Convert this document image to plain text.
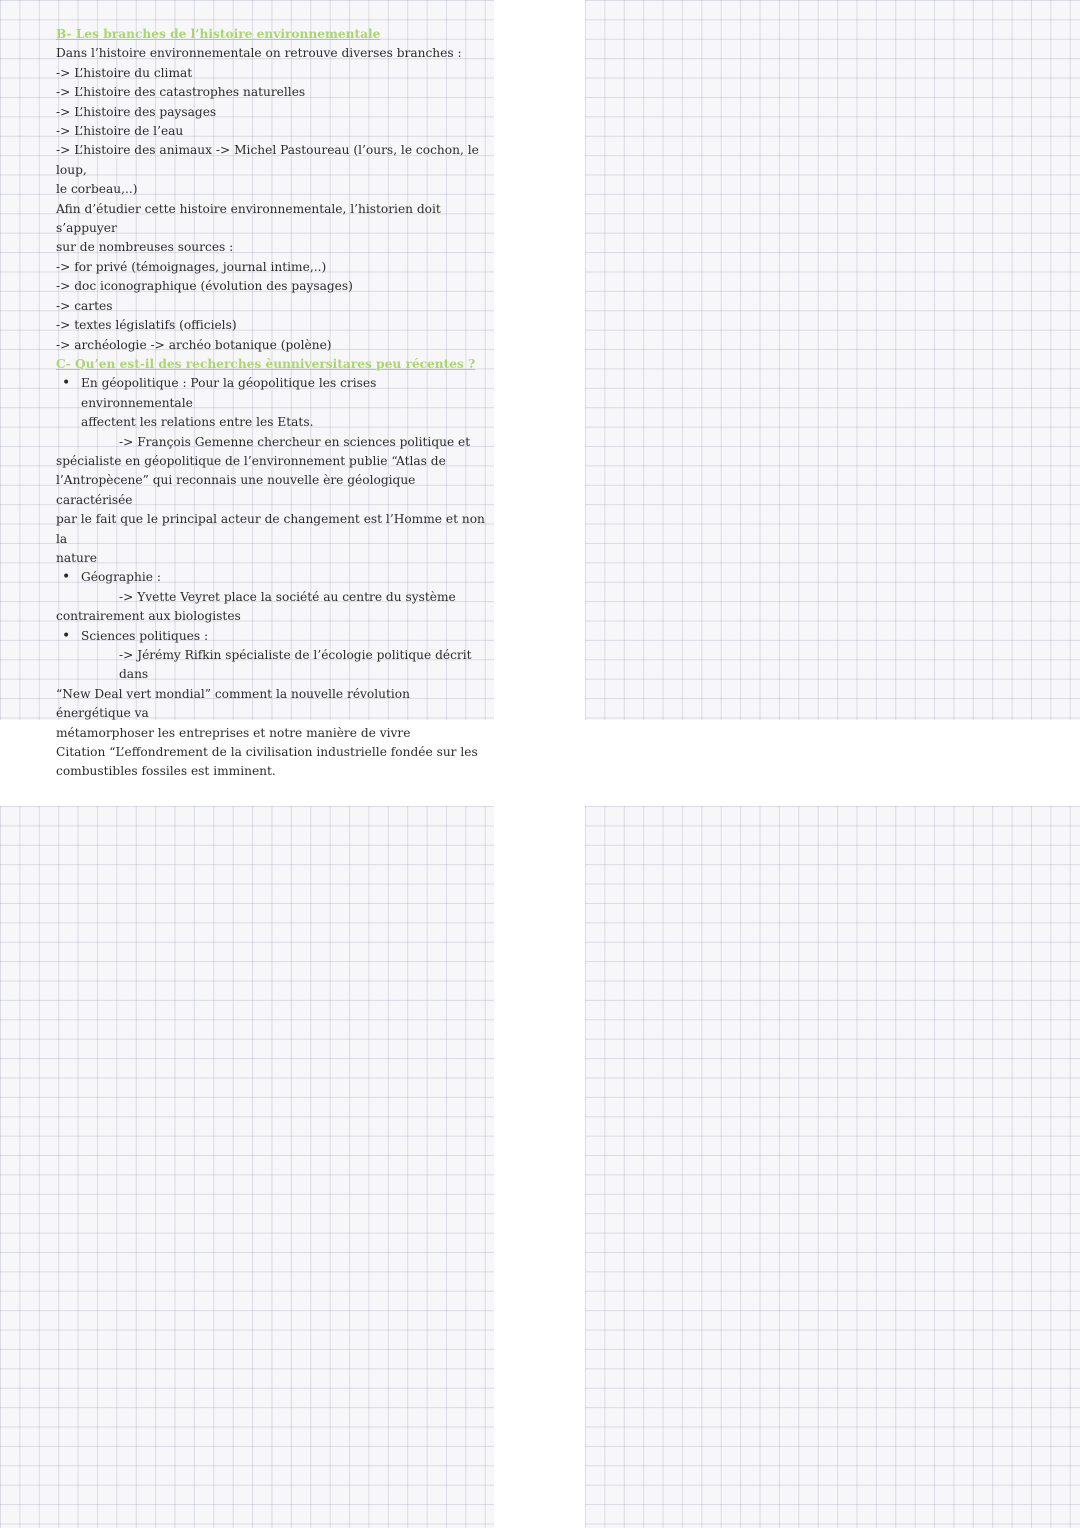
B- Les branches de l’histoire environnementale

Dans l’histoire environnementale on retrouve diverses branches :

-> L’histoire du climat

-> L’histoire des catastrophes naturelles

-> L’histoire des paysages

-> L’histoire de l’eau

-> L’histoire des animaux -> Michel Pastoureau (l’ours, le cochon, le loup,

le corbeau,..)

Afin d’étudier cette histoire environnementale, l’historien doit s’appuyer

sur de nombreuses sources :

-> for privé (témoignages, journal intime,..)

-> doc iconographique (évolution des paysages)

-> cartes

-> textes législatifs (officiels)

-> archéologie -> archéo botanique (polène)

C- Qu’en est-il des recherches èunniversitares peu récentes ?

• En géopolitique : Pour la géopolitique les crises environnementale

affectent les relations entre les Etats.

-> François Gemenne chercheur en sciences politique et

spécialiste en géopolitique de l’environnement publie “Atlas de

l’Antropècene” qui reconnais une nouvelle ère géologique caractérisée

par le fait que le principal acteur de changement est l’Homme et non la

nature

• Géographie :

-> Yvette Veyret place la société au centre du système

contrairement aux biologistes

• Sciences politiques :

-> Jérémy Rifkin spécialiste de l’écologie politique décrit dans

“New Deal vert mondial” comment la nouvelle révolution énergétique va

métamorphoser les entreprises et notre manière de vivre

Citation “L’effondrement de la civilisation industrielle fondée sur les

combustibles fossiles est imminent.
